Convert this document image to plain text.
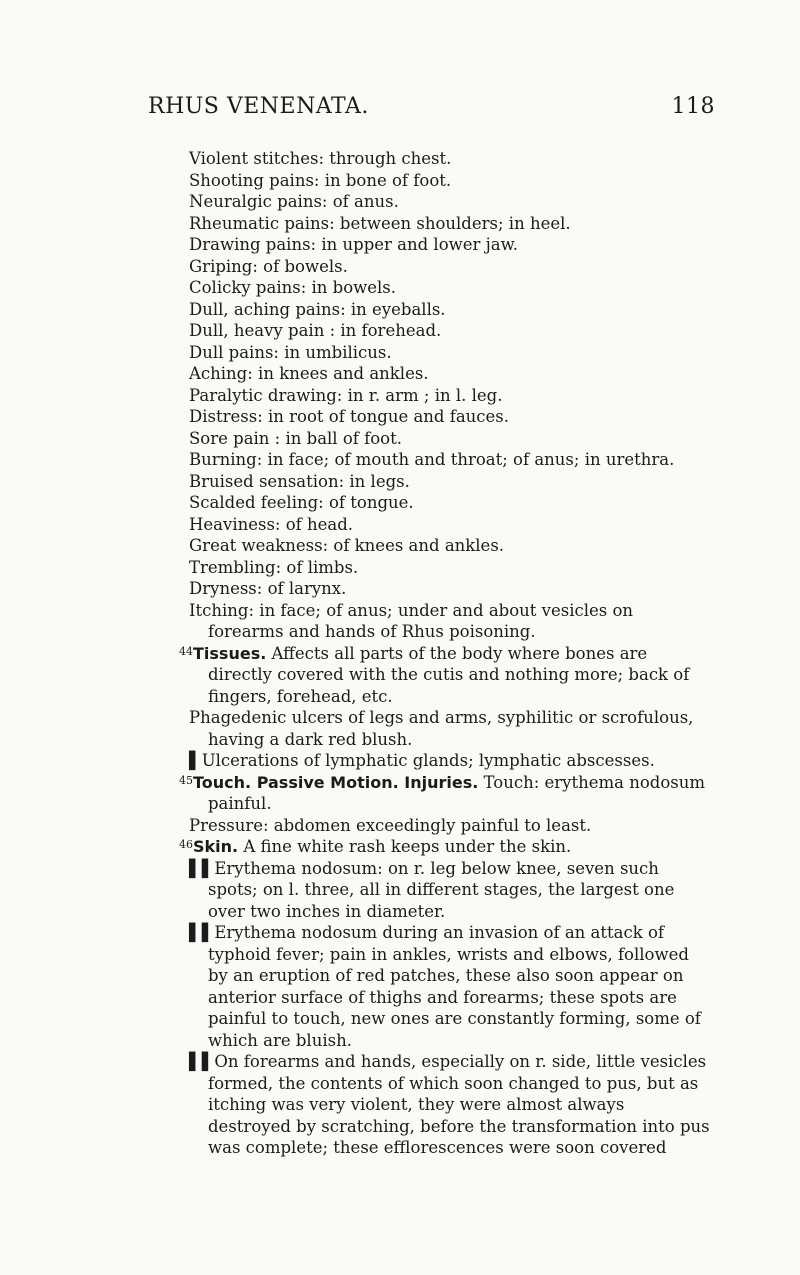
RHUS VENENATA.	118
Violent stitches: through chest.
Shooting pains: in bone of foot.
Neuralgic pains: of anus.
Rheumatic pains: between shoulders; in heel.
Drawing pains: in upper and lower jaw.
Griping: of bowels.
Colicky pains: in bowels.
Dull, aching pains: in eyeballs.
Dull, heavy pain : in forehead.
Dull pains: in umbilicus.
Aching: in knees and ankles.
Paralytic drawing: in r. arm ; in l. leg.
Distress: in root of tongue and fauces.
Sore pain : in ball of foot.

Burning: in face; of mouth and throat; of anus; in urethra.

Bruised sensation: in legs.
Scalded feeling: of tongue.
Heaviness: of head.
Great weakness: of knees and ankles.
Trembling: of limbs.
Dryness: of larynx.

Itching: in face; of anus; under and about vesicles on forearms and hands of Rhus poisoning.

$^{44}$Tissues. Affects all parts of the body where bones are directly covered with the cutis and nothing more; back of fingers, forehead, etc.

Phagedenic ulcers of legs and arms, syphilitic or scrofulous, having a dark red blush.

▌Ulcerations of lymphatic glands; lymphatic abscesses.

$^{45}$Touch. Passive Motion. Injuries. Touch: erythema nodosum painful.

Pressure: abdomen exceedingly painful to least.

$^{46}$Skin. A fine white rash keeps under the skin.

▌▌Erythema nodosum: on r. leg below knee, seven such spots; on l. three, all in different stages, the largest one over two inches in diameter.

▌▌Erythema nodosum during an invasion of an attack of typhoid fever; pain in ankles, wrists and elbows, followed by an eruption of red patches, these also soon appear on anterior surface of thighs and forearms; these spots are painful to touch, new ones are constantly forming, some of which are bluish.

▌▌On forearms and hands, especially on r. side, little vesicles formed, the contents of which soon changed to pus, but as itching was very violent, they were almost always destroyed by scratching, before the transformation into pus was complete; these efflorescences were soon covered
